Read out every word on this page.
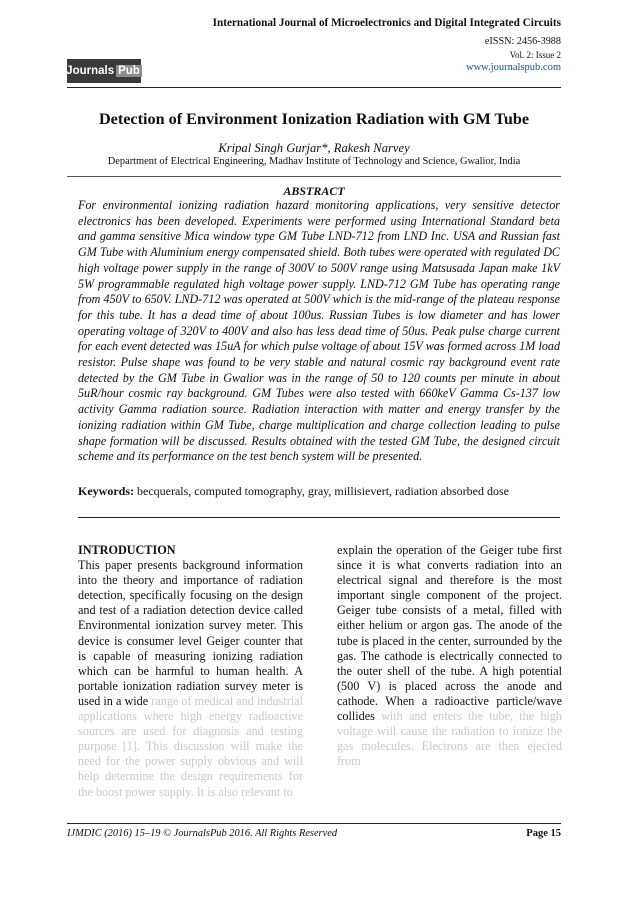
International Journal of Microelectronics and Digital Integrated Circuits
eISSN: 2456-3988
Vol. 2: Issue 2
www.journalspub.com
Journals Pub
Detection of Environment Ionization Radiation with GM Tube
Kripal Singh Gurjar*, Rakesh Narvey
Department of Electrical Engineering, Madhav Institute of Technology and Science, Gwalior, India
ABSTRACT
For environmental ionizing radiation hazard monitoring applications, very sensitive detector electronics has been developed. Experiments were performed using International Standard beta and gamma sensitive Mica window type GM Tube LND-712 from LND Inc. USA and Russian fast GM Tube with Aluminium energy compensated shield. Both tubes were operated with regulated DC high voltage power supply in the range of 300V to 500V range using Matsusada Japan make 1kV 5W programmable regulated high voltage power supply. LND-712 GM Tube has operating range from 450V to 650V. LND-712 was operated at 500V which is the mid-range of the plateau response for this tube. It has a dead time of about 100us. Russian Tubes is low diameter and has lower operating voltage of 320V to 400V and also has less dead time of 50us. Peak pulse charge current for each event detected was 15uA for which pulse voltage of about 15V was formed across 1M load resistor. Pulse shape was found to be very stable and natural cosmic ray background event rate detected by the GM Tube in Gwalior was in the range of 50 to 120 counts per minute in about 5uR/hour cosmic ray background. GM Tubes were also tested with 660keV Gamma Cs-137 low activity Gamma radiation source. Radiation interaction with matter and energy transfer by the ionizing radiation within GM Tube, charge multiplication and charge collection leading to pulse shape formation will be discussed. Results obtained with the tested GM Tube, the designed circuit scheme and its performance on the test bench system will be presented.
Keywords: becquerals, computed tomography, gray, millisievert, radiation absorbed dose
INTRODUCTION
This paper presents background information into the theory and importance of radiation detection, specifically focusing on the design and test of a radiation detection device called Environmental ionization survey meter. This device is consumer level Geiger counter that is capable of measuring ionizing radiation which can be harmful to human health. A portable ionization radiation survey meter is used in a wide range of medical and industrial applications where high energy radioactive sources are used for diagnosis and testing purpose [1]. This discussion will make the need for the power supply obvious and will help determine the design requirements for the boost power supply. It is also relevant to
explain the operation of the Geiger tube first since it is what converts radiation into an electrical signal and therefore is the most important single component of the project. Geiger tube consists of a metal, filled with either helium or argon gas. The anode of the tube is placed in the center, surrounded by the gas. The cathode is electrically connected to the outer shell of the tube. A high potential (500 V) is placed across the anode and cathode. When a radioactive particle/wave collides with and enters the tube, the high voltage will cause the radiation to ionize the gas molecules. Electrons are then ejected from
IJMDIC (2016) 15–19 © JournalsPub 2016. All Rights Reserved	Page 15
